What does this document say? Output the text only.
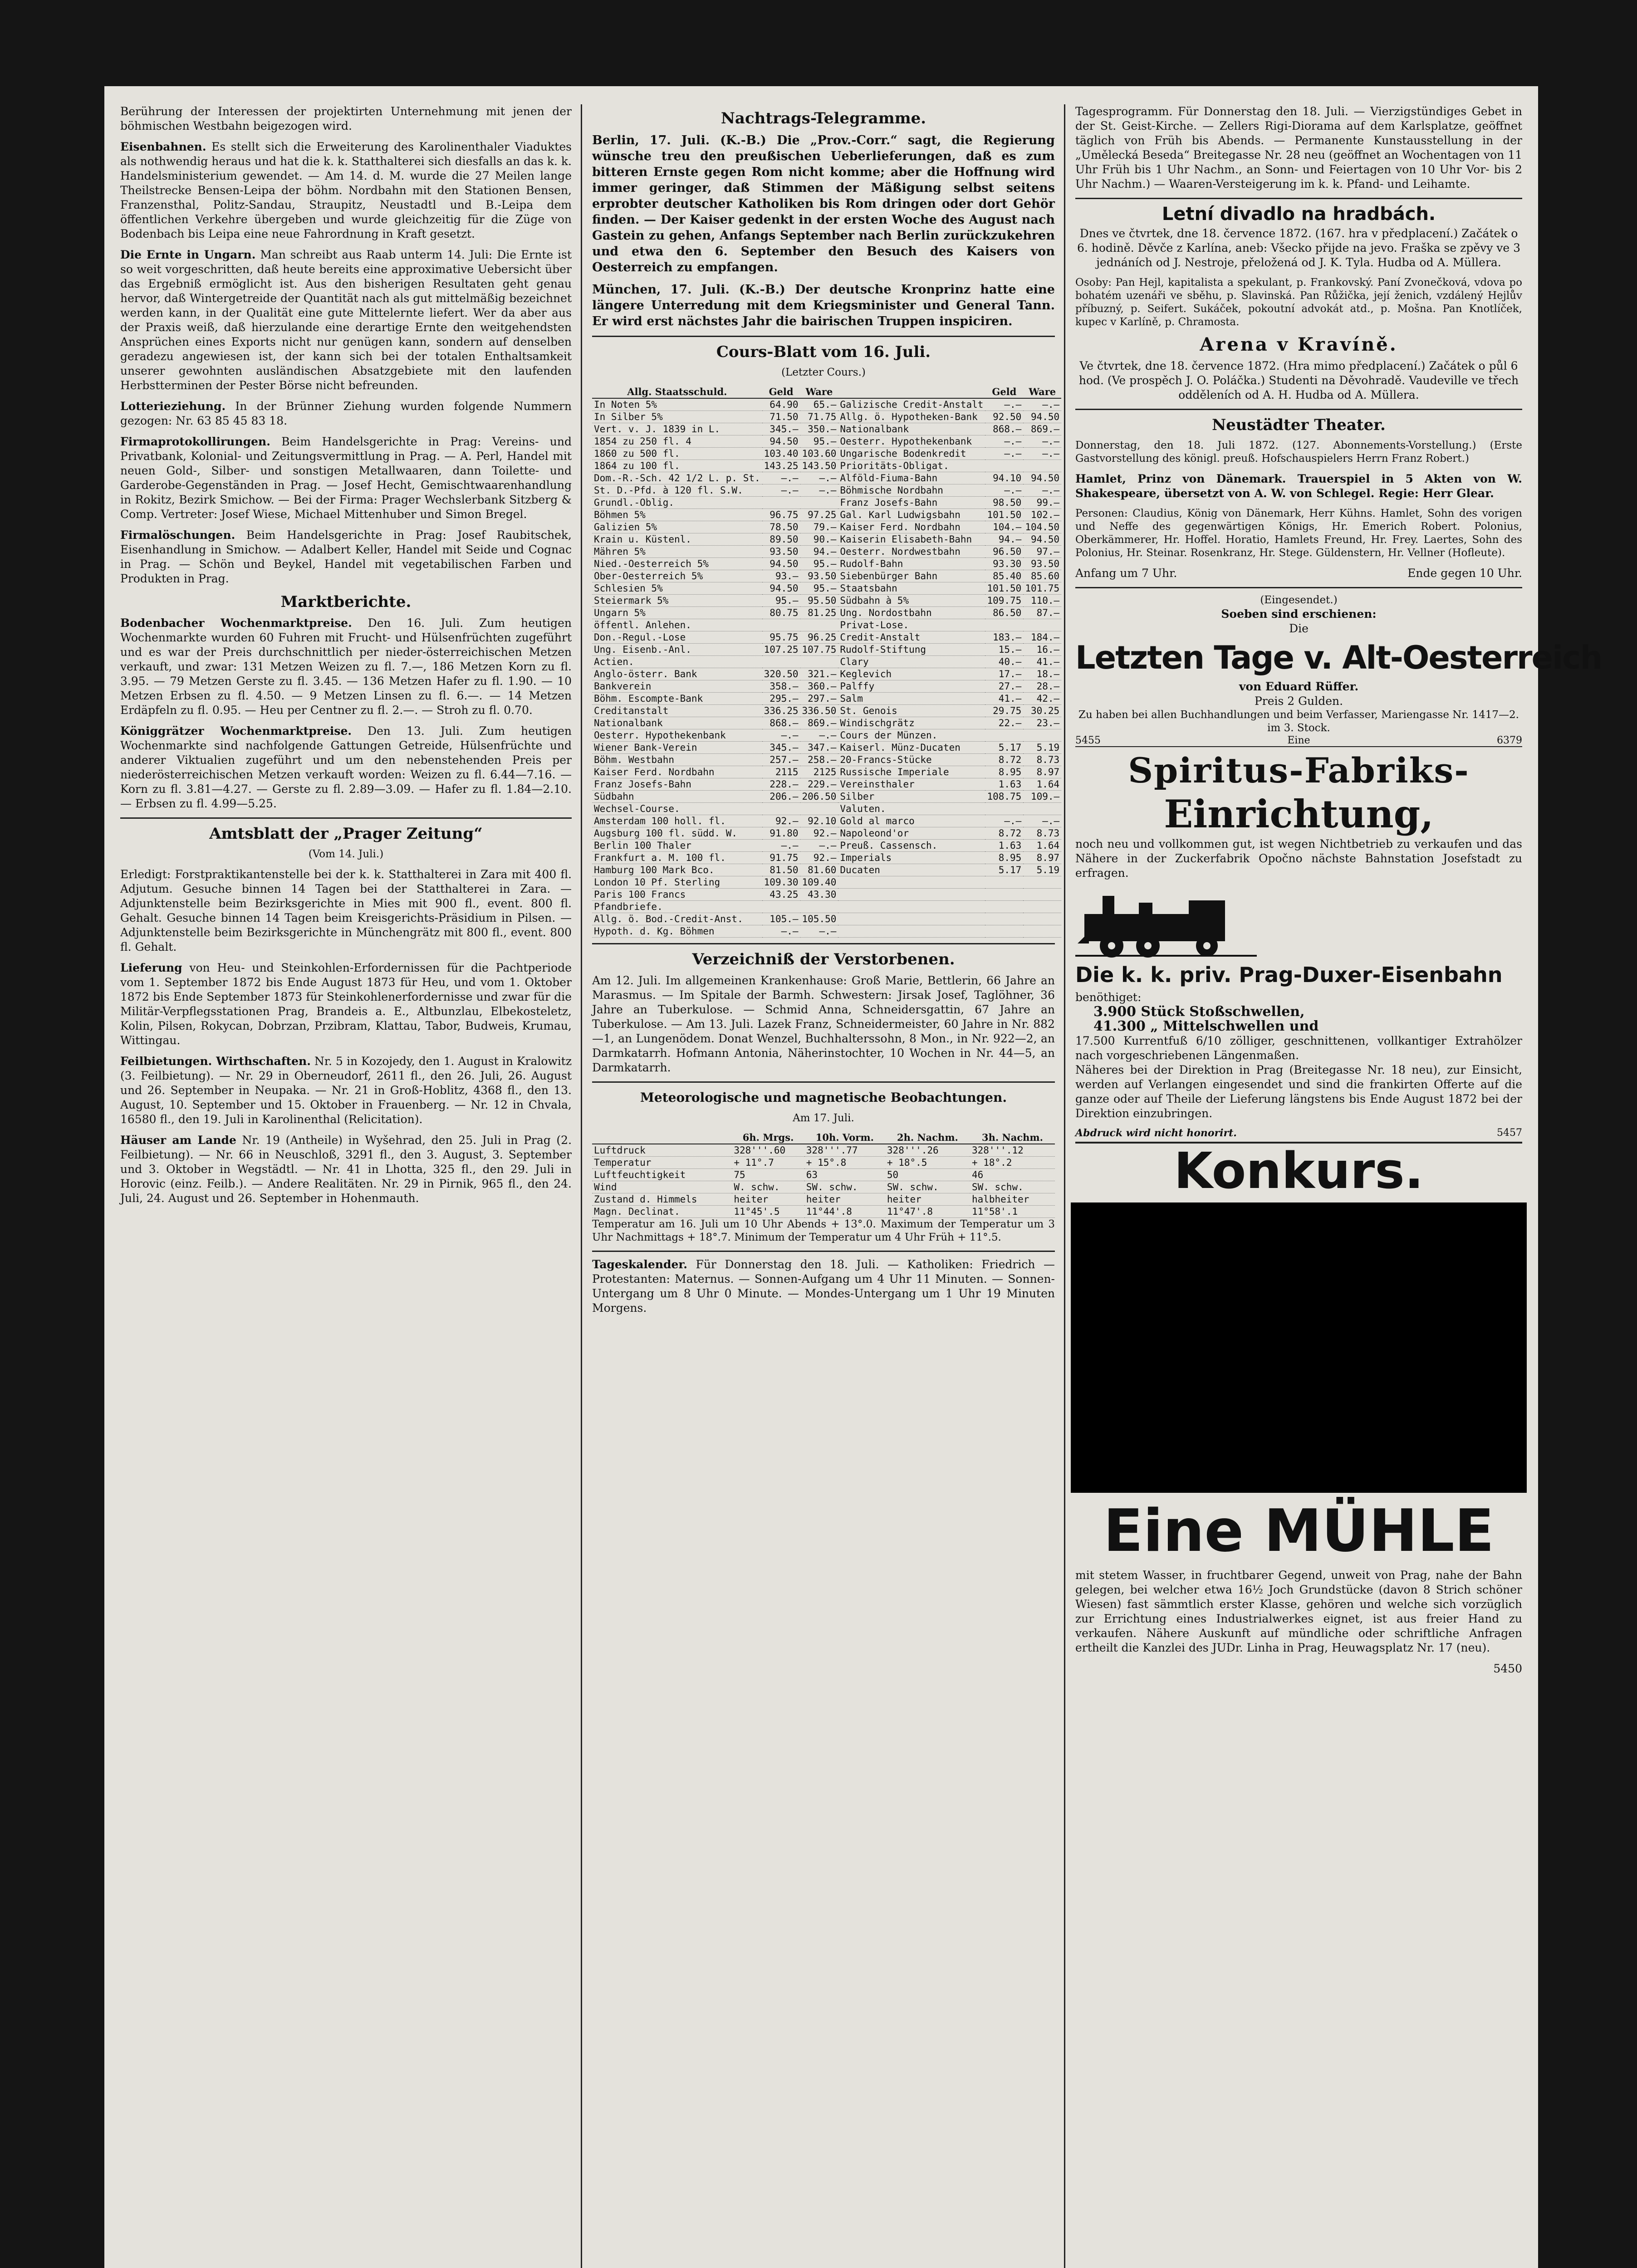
Berührung der Interessen der projektirten Unternehmung mit jenen der böhmischen Westbahn beigezogen wird.

Eisenbahnen. Es stellt sich die Erweiterung des Karolinenthaler Viaduktes als nothwendig heraus und hat die k. k. Statthalterei sich diesfalls an das k. k. Handelsministerium gewendet. — Am 14. d. M. wurde die 27 Meilen lange Theilstrecke Bensen-Leipa der böhm. Nordbahn mit den Stationen Bensen, Franzensthal, Politz-Sandau, Straupitz, Neustadtl und B.-Leipa dem öffentlichen Verkehre übergeben und wurde gleichzeitig für die Züge von Bodenbach bis Leipa eine neue Fahrordnung in Kraft gesetzt.

Die Ernte in Ungarn. Man schreibt aus Raab unterm 14. Juli: Die Ernte ist so weit vorgeschritten, daß heute bereits eine approximative Uebersicht über das Ergebniß ermöglicht ist. Aus den bisherigen Resultaten geht genau hervor, daß Wintergetreide der Quantität nach als gut mittelmäßig bezeichnet werden kann, in der Qualität eine gute Mittelernte liefert. Wer da aber aus der Praxis weiß, daß hierzulande eine derartige Ernte den weitgehendsten Ansprüchen eines Exports nicht nur genügen kann, sondern auf denselben geradezu angewiesen ist, der kann sich bei der totalen Enthaltsamkeit unserer gewohnten ausländischen Absatzgebiete mit den laufenden Herbstterminen der Pester Börse nicht befreunden.

Lotterieziehung. In der Brünner Ziehung wurden folgende Nummern gezogen: Nr. 63 85 45 83 18.

Firmaprotokollirungen. Beim Handelsgerichte in Prag: Vereins- und Privatbank, Kolonial- und Zeitungsvermittlung in Prag. — A. Perl, Handel mit neuen Gold-, Silber- und sonstigen Metallwaaren, dann Toilette- und Garderobe-Gegenständen in Prag. — Josef Hecht, Gemischtwaarenhandlung in Rokitz, Bezirk Smichow. — Bei der Firma: Prager Wechslerbank Sitzberg & Comp. Vertreter: Josef Wiese, Michael Mittenhuber und Simon Bregel.

Firmalöschungen. Beim Handelsgerichte in Prag: Josef Raubitschek, Eisenhandlung in Smichow. — Adalbert Keller, Handel mit Seide und Cognac in Prag. — Schön und Beykel, Handel mit vegetabilischen Farben und Produkten in Prag.

Marktberichte.

Bodenbacher Wochenmarktpreise. Den 16. Juli. Zum heutigen Wochenmarkte wurden 60 Fuhren mit Frucht- und Hülsenfrüchten zugeführt und es war der Preis durchschnittlich per nieder-österreichischen Metzen verkauft, und zwar: 131 Metzen Weizen zu fl. 7.—, 186 Metzen Korn zu fl. 3.95. — 79 Metzen Gerste zu fl. 3.45. — 136 Metzen Hafer zu fl. 1.90. — 10 Metzen Erbsen zu fl. 4.50. — 9 Metzen Linsen zu fl. 6.—. — 14 Metzen Erdäpfeln zu fl. 0.95. — Heu per Centner zu fl. 2.—. — Stroh zu fl. 0.70.

Königgrätzer Wochenmarktpreise. Den 13. Juli. Zum heutigen Wochenmarkte sind nachfolgende Gattungen Getreide, Hülsenfrüchte und anderer Viktualien zugeführt und um den nebenstehenden Preis per niederösterreichischen Metzen verkauft worden: Weizen zu fl. 6.44—7.16. — Korn zu fl. 3.81—4.27. — Gerste zu fl. 2.89—3.09. — Hafer zu fl. 1.84—2.10. — Erbsen zu fl. 4.99—5.25.

Amtsblatt der „Prager Zeitung“

(Vom 14. Juli.)

Erledigt: Forstpraktikantenstelle bei der k. k. Statthalterei in Zara mit 400 fl. Adjutum. Gesuche binnen 14 Tagen bei der Statthalterei in Zara. — Adjunktenstelle beim Bezirksgerichte in Mies mit 900 fl., event. 800 fl. Gehalt. Gesuche binnen 14 Tagen beim Kreisgerichts-Präsidium in Pilsen. — Adjunktenstelle beim Bezirksgerichte in Münchengrätz mit 800 fl., event. 800 fl. Gehalt.

Lieferung von Heu- und Steinkohlen-Erfordernissen für die Pachtperiode vom 1. September 1872 bis Ende August 1873 für Heu, und vom 1. Oktober 1872 bis Ende September 1873 für Steinkohlenerfordernisse und zwar für die Militär-Verpflegsstationen Prag, Brandeis a. E., Altbunzlau, Elbekosteletz, Kolin, Pilsen, Rokycan, Dobrzan, Przibram, Klattau, Tabor, Budweis, Krumau, Wittingau.

Feilbietungen. Wirthschaften. Nr. 5 in Kozojedy, den 1. August in Kralowitz (3. Feilbietung). — Nr. 29 in Oberneudorf, 2611 fl., den 26. Juli, 26. August und 26. September in Neupaka. — Nr. 21 in Groß-Hoblitz, 4368 fl., den 13. August, 10. September und 15. Oktober in Frauenberg. — Nr. 12 in Chvala, 16580 fl., den 19. Juli in Karolinenthal (Relicitation).

Häuser am Lande Nr. 19 (Antheile) in Wyšehrad, den 25. Juli in Prag (2. Feilbietung). — Nr. 66 in Neuschloß, 3291 fl., den 3. August, 3. September und 3. Oktober in Wegstädtl. — Nr. 41 in Lhotta, 325 fl., den 29. Juli in Horovic (einz. Feilb.). — Andere Realitäten. Nr. 29 in Pirnik, 965 fl., den 24. Juli, 24. August und 26. September in Hohenmauth.

Nachtrags-Telegramme.

Berlin, 17. Juli. (K.-B.) Die „Prov.-Corr.“ sagt, die Regierung wünsche treu den preußischen Ueberlieferungen, daß es zum bitteren Ernste gegen Rom nicht komme; aber die Hoffnung wird immer geringer, daß Stimmen der Mäßigung selbst seitens erprobter deutscher Katholiken bis Rom dringen oder dort Gehör finden. — Der Kaiser gedenkt in der ersten Woche des August nach Gastein zu gehen, Anfangs September nach Berlin zurückzukehren und etwa den 6. September den Besuch des Kaisers von Oesterreich zu empfangen.

München, 17. Juli. (K.-B.) Der deutsche Kronprinz hatte eine längere Unterredung mit dem Kriegsminister und General Tann. Er wird erst nächstes Jahr die bairischen Truppen inspiciren.

Cours-Blatt vom 16. Juli.

(Letzter Cours.)

Allg. Staatsschuld.	Geld	Ware		Geld	Ware
In Noten 5%	64.90	65.—	Galizische Credit-Anstalt	—.—	—.—
In Silber 5%	71.50	71.75	Allg. ö. Hypotheken-Bank	92.50	94.50
Vert. v. J. 1839 in L.	345.—	350.—	Nationalbank	868.—	869.—
1854 zu 250 fl. 4	94.50	95.—	Oesterr. Hypothekenbank	—.—	—.—
1860 zu 500 fl.	103.40	103.60	Ungarische Bodenkredit	—.—	—.—
1864 zu 100 fl.	143.25	143.50	Prioritäts-Obligat.		
Dom.-R.-Sch. 42 1/2 L. p. St.	—.—	—.—	Alföld-Fiuma-Bahn	94.10	94.50
St. D.-Pfd. à 120 fl. S.W.	—.—	—.—	Böhmische Nordbahn	—.—	—.—
Grundl.-Oblig.			Franz Josefs-Bahn	98.50	99.—
Böhmen 5%	96.75	97.25	Gal. Karl Ludwigsbahn	101.50	102.—
Galizien 5%	78.50	79.—	Kaiser Ferd. Nordbahn	104.—	104.50
Krain u. Küstenl.	89.50	90.—	Kaiserin Elisabeth-Bahn	94.—	94.50
Mähren 5%	93.50	94.—	Oesterr. Nordwestbahn	96.50	97.—
Nied.-Oesterreich 5%	94.50	95.—	Rudolf-Bahn	93.30	93.50
Ober-Oesterreich 5%	93.—	93.50	Siebenbürger Bahn	85.40	85.60
Schlesien 5%	94.50	95.—	Staatsbahn	101.50	101.75
Steiermark 5%	95.—	95.50	Südbahn à 5%	109.75	110.—
Ungarn 5%	80.75	81.25	Ung. Nordostbahn	86.50	87.—
öffentl. Anlehen.			Privat-Lose.		
Don.-Regul.-Lose	95.75	96.25	Credit-Anstalt	183.—	184.—
Ung. Eisenb.-Anl.	107.25	107.75	Rudolf-Stiftung	15.—	16.—
Actien.			Clary	40.—	41.—
Anglo-österr. Bank	320.50	321.—	Keglevich	17.—	18.—
Bankverein	358.—	360.—	Palffy	27.—	28.—
Böhm. Escompte-Bank	295.—	297.—	Salm	41.—	42.—
Creditanstalt	336.25	336.50	St. Genois	29.75	30.25
Nationalbank	868.—	869.—	Windischgrätz	22.—	23.—
Oesterr. Hypothekenbank	—.—	—.—	Cours der Münzen.		
Wiener Bank-Verein	345.—	347.—	Kaiserl. Münz-Ducaten	5.17	5.19
Böhm. Westbahn	257.—	258.—	20-Francs-Stücke	8.72	8.73
Kaiser Ferd. Nordbahn	2115	2125	Russische Imperiale	8.95	8.97
Franz Josefs-Bahn	228.—	229.—	Vereinsthaler	1.63	1.64
Südbahn	206.—	206.50	Silber	108.75	109.—
Wechsel-Course.			Valuten.		
Amsterdam 100 holl. fl.	92.—	92.10	Gold al marco	—.—	—.—
Augsburg 100 fl. südd. W.	91.80	92.—	Napoleond'or	8.72	8.73
Berlin 100 Thaler	—.—	—.—	Preuß. Cassensch.	1.63	1.64
Frankfurt a. M. 100 fl.	91.75	92.—	Imperials	8.95	8.97
Hamburg 100 Mark Bco.	81.50	81.60	Ducaten	5.17	5.19
London 10 Pf. Sterling	109.30	109.40			
Paris 100 Francs	43.25	43.30			
Pfandbriefe.					
Allg. ö. Bod.-Credit-Anst.	105.—	105.50			
Hypoth. d. Kg. Böhmen	—.—	—.—			
Verzeichniß der Verstorbenen.

Am 12. Juli. Im allgemeinen Krankenhause: Groß Marie, Bettlerin, 66 Jahre an Marasmus. — Im Spitale der Barmh. Schwestern: Jirsak Josef, Taglöhner, 36 Jahre an Tuberkulose. — Schmid Anna, Schneidersgattin, 67 Jahre an Tuberkulose. — Am 13. Juli. Lazek Franz, Schneidermeister, 60 Jahre in Nr. 882—1, an Lungenödem. Donat Wenzel, Buchhalterssohn, 8 Mon., in Nr. 922—2, an Darmkatarrh. Hofmann Antonia, Näherinstochter, 10 Wochen in Nr. 44—5, an Darmkatarrh.

Meteorologische und magnetische Beobachtungen.

Am 17. Juli.

	6h. Mrgs.	10h. Vorm.	2h. Nachm.	3h. Nachm.
Luftdruck	328'''.60	328'''.77	328'''.26	328'''.12
Temperatur	+ 11°.7	+ 15°.8	+ 18°.5	+ 18°.2
Luftfeuchtigkeit	75	63	50	46
Wind	W. schw.	SW. schw.	SW. schw.	SW. schw.
Zustand d. Himmels	heiter	heiter	heiter	halbheiter
Magn. Declinat.	11°45'.5	11°44'.8	11°47'.8	11°58'.1

Temperatur am 16. Juli um 10 Uhr Abends + 13°.0. Maximum der Temperatur um 3 Uhr Nachmittags + 18°.7. Minimum der Temperatur um 4 Uhr Früh + 11°.5.

Tageskalender. Für Donnerstag den 18. Juli. — Katholiken: Friedrich — Protestanten: Maternus. — Sonnen-Aufgang um 4 Uhr 11 Minuten. — Sonnen-Untergang um 8 Uhr 0 Minute. — Mondes-Untergang um 1 Uhr 19 Minuten Morgens.

Tagesprogramm. Für Donnerstag den 18. Juli. — Vierzigstündiges Gebet in der St. Geist-Kirche. — Zellers Rigi-Diorama auf dem Karlsplatze, geöffnet täglich von Früh bis Abends. — Permanente Kunstausstellung in der „Umělecká Beseda“ Breitegasse Nr. 28 neu (geöffnet an Wochentagen von 11 Uhr Früh bis 1 Uhr Nachm., an Sonn- und Feiertagen von 10 Uhr Vor- bis 2 Uhr Nachm.) — Waaren-Versteigerung im k. k. Pfand- und Leihamte.

Letní divadlo na hradbách.

Dnes ve čtvrtek, dne 18. července 1872. (167. hra v předplacení.) Začátek o 6. hodině. Děvče z Karlína, aneb: Všecko přijde na jevo. Fraška se zpěvy ve 3 jednáních od J. Nestroje, přeložená od J. K. Tyla. Hudba od A. Müllera.

Osoby: Pan Hejl, kapitalista a spekulant, p. Frankovský. Paní Zvonečková, vdova po bohatém uzenáři ve sběhu, p. Slavinská. Pan Růžička, její ženich, vzdálený Hejlův příbuzný, p. Seifert. Sukáček, pokoutní advokát atd., p. Mošna. Pan Knotlíček, kupec v Karlíně, p. Chramosta.

Arena v Kravíně.

Ve čtvrtek, dne 18. července 1872. (Hra mimo předplacení.) Začátek o půl 6 hod. (Ve prospěch J. O. Poláčka.) Studenti na Děvohradě. Vaudeville ve třech odděleních od A. H. Hudba od A. Müllera.

Neustädter Theater.

Donnerstag, den 18. Juli 1872. (127. Abonnements-Vorstellung.) (Erste Gastvorstellung des königl. preuß. Hofschauspielers Herrn Franz Robert.)

Hamlet, Prinz von Dänemark. Trauerspiel in 5 Akten von W. Shakespeare, übersetzt von A. W. von Schlegel. Regie: Herr Glear.

Personen: Claudius, König von Dänemark, Herr Kühns. Hamlet, Sohn des vorigen und Neffe des gegenwärtigen Königs, Hr. Emerich Robert. Polonius, Oberkämmerer, Hr. Hoffel. Horatio, Hamlets Freund, Hr. Frey. Laertes, Sohn des Polonius, Hr. Steinar. Rosenkranz, Hr. Stege. Güldenstern, Hr. Vellner (Hofleute).

Anfang um 7 Uhr.	Ende gegen 10 Uhr.

(Eingesendet.)

Soeben sind erschienen:

Die

Letzten Tage v. Alt-Oesterreich

von Eduard Rüffer.

Preis 2 Gulden.

Zu haben bei allen Buchhandlungen und beim Verfasser, Mariengasse Nr. 1417—2. im 3. Stock.

5455	Eine	6379
Spiritus-Fabriks-
Einrichtung,

noch neu und vollkommen gut, ist wegen Nichtbetrieb zu verkaufen und das Nähere in der Zuckerfabrik Opočno nächste Bahnstation Josefstadt zu erfragen.

Die k. k. priv. Prag-Duxer-Eisenbahn

benöthiget:

3.900 Stück Stoßschwellen,

41.300 „ Mittelschwellen und

17.500 Kurrentfuß 6/10 zölliger, geschnittenen, vollkantiger Extrahölzer nach vorgeschriebenen Längenmaßen.

Näheres bei der Direktion in Prag (Breitegasse Nr. 18 neu), zur Einsicht, werden auf Verlangen eingesendet und sind die frankirten Offerte auf die ganze oder auf Theile der Lieferung längstens bis Ende August 1872 bei der Direktion einzubringen.

Abdruck wird nicht honorirt.	5457
Konkurs.
Eine MÜHLE

mit stetem Wasser, in fruchtbarer Gegend, unweit von Prag, nahe der Bahn gelegen, bei welcher etwa 16½ Joch Grundstücke (davon 8 Strich schöner Wiesen) fast sämmtlich erster Klasse, gehören und welche sich vorzüglich zur Errichtung eines Industrialwerkes eignet, ist aus freier Hand zu verkaufen. Nähere Auskunft auf mündliche oder schriftliche Anfragen ertheilt die Kanzlei des JUDr. Linha in Prag, Heuwagsplatz Nr. 17 (neu).

5450
